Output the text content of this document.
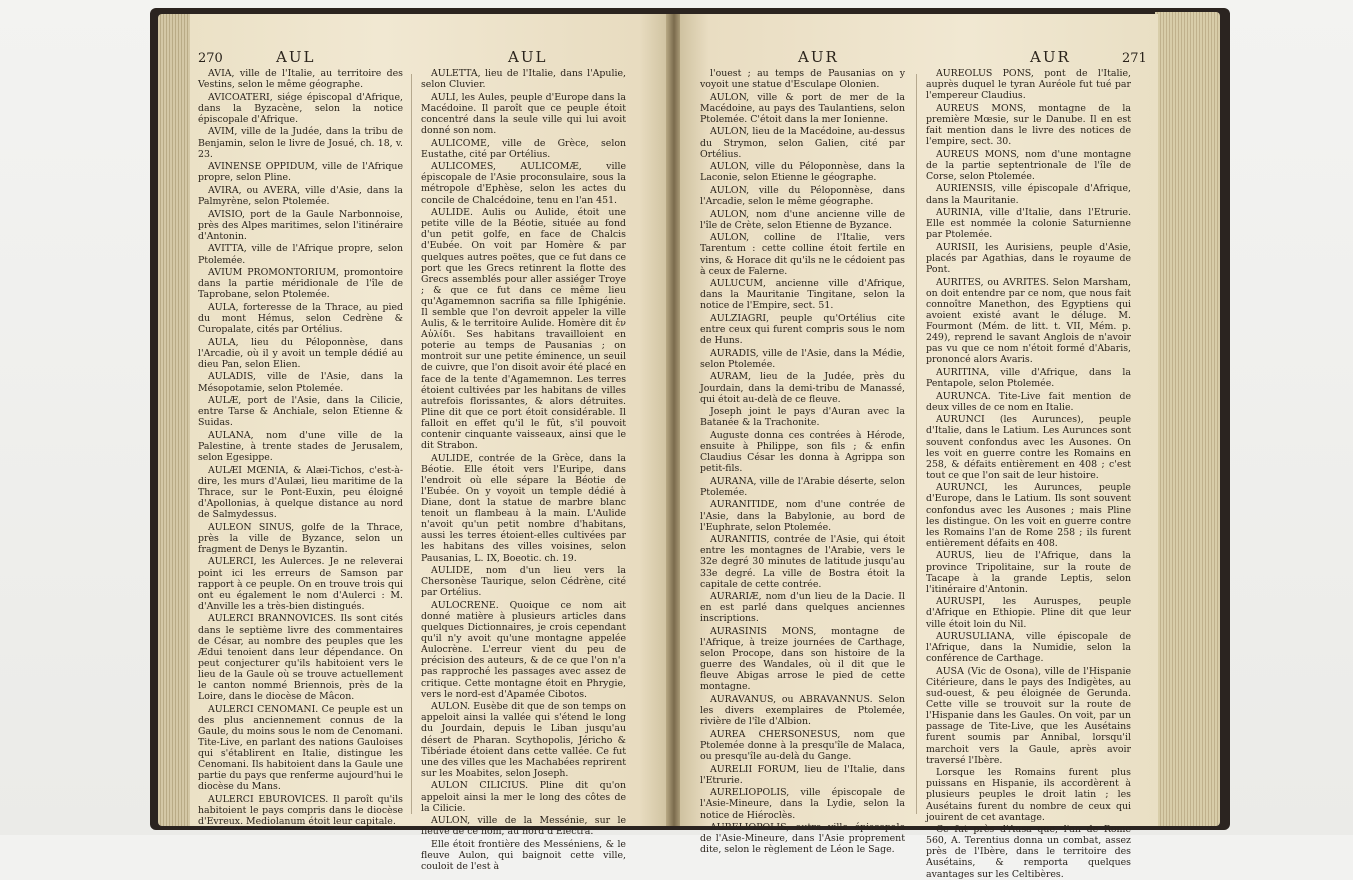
270	AUL	AUL

AVIA, ville de l'Italie, au territoire des Vestins, selon le même géographe.

AVICOATERI, siége épiscopal d'Afrique, dans la Byzacène, selon la notice épiscopale d'Afrique.

AVIM, ville de la Judée, dans la tribu de Benjamin, selon le livre de Josué, ch. 18, v. 23.

AVINENSE OPPIDUM, ville de l'Afrique propre, selon Pline.

AVIRA, ou AVERA, ville d'Asie, dans la Palmyrène, selon Ptolemée.

AVISIO, port de la Gaule Narbonnoise, près des Alpes maritimes, selon l'itinéraire d'Antonin.

AVITTA, ville de l'Afrique propre, selon Ptolemée.

AVIUM PROMONTORIUM, promontoire dans la partie méridionale de l'île de Taprobane, selon Ptolemée.

AULA, forteresse de la Thrace, au pied du mont Hémus, selon Cedrène & Curopalate, cités par Ortélius.

AULA, lieu du Péloponnèse, dans l'Arcadie, où il y avoit un temple dédié au dieu Pan, selon Elien.

AULADIS, ville de l'Asie, dans la Mésopotamie, selon Ptolemée.

AULÆ, port de l'Asie, dans la Cilicie, entre Tarse & Anchiale, selon Etienne & Suidas.

AULANA, nom d'une ville de la Palestine, à trente stades de Jerusalem, selon Egesippe.

AULÆI MŒNIA, & Alæi-Tichos, c'est-à-dire, les murs d'Aulæi, lieu maritime de la Thrace, sur le Pont-Euxin, peu éloigné d'Apollonias, à quelque distance au nord de Salmydessus.

AULEON SINUS, golfe de la Thrace, près la ville de Byzance, selon un fragment de Denys le Byzantin.

AULERCI, les Aulerces. Je ne releverai point ici les erreurs de Samson par rapport à ce peuple. On en trouve trois qui ont eu également le nom d'Aulerci : M. d'Anville les a très-bien distingués.

AULERCI BRANNOVICES. Ils sont cités dans le septième livre des commentaires de César, au nombre des peuples que les Ædui tenoient dans leur dépendance. On peut conjecturer qu'ils habitoient vers le lieu de la Gaule où se trouve actuellement le canton nommé Briennois, près de la Loire, dans le diocèse de Mâcon.

AULERCI CENOMANI. Ce peuple est un des plus anciennement connus de la Gaule, du moins sous le nom de Cenomani. Tite-Live, en parlant des nations Gauloises qui s'établirent en Italie, distingue les Cenomani. Ils habitoient dans la Gaule une partie du pays que renferme aujourd'hui le diocèse du Mans.

AULERCI EBUROVICES. Il paroît qu'ils habitoient le pays compris dans le diocèse d'Evreux. Mediolanum étoit leur capitale.

AULETTA, lieu de l'Italie, dans l'Apulie, selon Cluvier.

AULI, les Aules, peuple d'Europe dans la Macédoine. Il paroît que ce peuple étoit concentré dans la seule ville qui lui avoit donné son nom.

AULICOME, ville de Grèce, selon Eustathe, cité par Ortélius.

AULICOMES, AULICOMÆ, ville épiscopale de l'Asie proconsulaire, sous la métropole d'Ephèse, selon les actes du concile de Chalcédoine, tenu en l'an 451.

AULIDE. Aulis ou Aulide, étoit une petite ville de la Béotie, située au fond d'un petit golfe, en face de Chalcis d'Eubée. On voit par Homère & par quelques autres poëtes, que ce fut dans ce port que les Grecs retinrent la flotte des Grecs assemblés pour aller assiéger Troye ; & que ce fut dans ce même lieu qu'Agamemnon sacrifia sa fille Iphigénie. Il semble que l'on devroit appeler la ville Aulis, & le territoire Aulide. Homère dit ἐν Αὐλίδι. Ses habitans travailloient en poterie au temps de Pausanias ; on montroit sur une petite éminence, un seuil de cuivre, que l'on disoit avoir été placé en face de la tente d'Agamemnon. Les terres étoient cultivées par les habitans de villes autrefois florissantes, & alors détruites. Pline dit que ce port étoit considérable. Il falloit en effet qu'il le fût, s'il pouvoit contenir cinquante vaisseaux, ainsi que le dit Strabon.

AULIDE, contrée de la Grèce, dans la Béotie. Elle étoit vers l'Euripe, dans l'endroit où elle sépare la Béotie de l'Eubée. On y voyoit un temple dédié à Diane, dont la statue de marbre blanc tenoit un flambeau à la main. L'Aulide n'avoit qu'un petit nombre d'habitans, aussi les terres étoient-elles cultivées par les habitans des villes voisines, selon Pausanias, L. IX, Boeotic. ch. 19.

AULIDE, nom d'un lieu vers la Chersonèse Taurique, selon Cédrène, cité par Ortélius.

AULOCRENE. Quoique ce nom ait donné matière à plusieurs articles dans quelques Dictionnaires, je crois cependant qu'il n'y avoit qu'une montagne appelée Aulocrène. L'erreur vient du peu de précision des auteurs, & de ce que l'on n'a pas rapproché les passages avec assez de critique. Cette montagne étoit en Phrygie, vers le nord-est d'Apamée Cibotos.

AULON. Eusèbe dit que de son temps on appeloit ainsi la vallée qui s'étend le long du Jourdain, depuis le Liban jusqu'au désert de Pharan. Scythopolis, Jéricho & Tibériade étoient dans cette vallée. Ce fut une des villes que les Machabées reprirent sur les Moabites, selon Joseph.

AULON CILICIUS. Pline dit qu'on appeloit ainsi la mer le long des côtes de la Cilicie.

AULON, ville de la Messénie, sur le fleuve de ce nom, au nord d'Electra.

Elle étoit frontière des Messéniens, & le fleuve Aulon, qui baignoit cette ville, couloit de l'est à

AUR	AUR	271

l'ouest ; au temps de Pausanias on y voyoit une statue d'Esculape Olonien.

AULON, ville & port de mer de la Macédoine, au pays des Taulantiens, selon Ptolemée. C'étoit dans la mer Ionienne.

AULON, lieu de la Macédoine, au-dessus du Strymon, selon Galien, cité par Ortélius.

AULON, ville du Péloponnèse, dans la Laconie, selon Etienne le géographe.

AULON, ville du Péloponnèse, dans l'Arcadie, selon le même géographe.

AULON, nom d'une ancienne ville de l'île de Crète, selon Etienne de Byzance.

AULON, colline de l'Italie, vers Tarentum : cette colline étoit fertile en vins, & Horace dit qu'ils ne le cédoient pas à ceux de Falerne.

AULUCUM, ancienne ville d'Afrique, dans la Mauritanie Tingitane, selon la notice de l'Empire, sect. 51.

AULZIAGRI, peuple qu'Ortélius cite entre ceux qui furent compris sous le nom de Huns.

AURADIS, ville de l'Asie, dans la Médie, selon Ptolemée.

AURAM, lieu de la Judée, près du Jourdain, dans la demi-tribu de Manassé, qui étoit au-delà de ce fleuve.

Joseph joint le pays d'Auran avec la Batanée & la Trachonite.

Auguste donna ces contrées à Hérode, ensuite à Philippe, son fils ; & enfin Claudius César les donna à Agrippa son petit-fils.

AURANA, ville de l'Arabie déserte, selon Ptolemée.

AURANITIDE, nom d'une contrée de l'Asie, dans la Babylonie, au bord de l'Euphrate, selon Ptolemée.

AURANITIS, contrée de l'Asie, qui étoit entre les montagnes de l'Arabie, vers le 32e degré 30 minutes de latitude jusqu'au 33e degré. La ville de Bostra étoit la capitale de cette contrée.

AURARIÆ, nom d'un lieu de la Dacie. Il en est parlé dans quelques anciennes inscriptions.

AURASINIS MONS, montagne de l'Afrique, à treize journées de Carthage, selon Procope, dans son histoire de la guerre des Wandales, où il dit que le fleuve Abigas arrose le pied de cette montagne.

AURAVANUS, ou ABRAVANNUS. Selon les divers exemplaires de Ptolemée, rivière de l'île d'Albion.

AUREA CHERSONESUS, nom que Ptolemée donne à la presqu'île de Malaca, ou presqu'île au-delà du Gange.

AURELII FORUM, lieu de l'Italie, dans l'Etrurie.

AURELIOPOLIS, ville épiscopale de l'Asie-Mineure, dans la Lydie, selon la notice de Hiéroclès.

AURELIOPOLIS, autre ville épiscopale de l'Asie-Mineure, dans l'Asie proprement dite, selon le règlement de Léon le Sage.

AUREOLUS PONS, pont de l'Italie, auprès duquel le tyran Auréole fut tué par l'empereur Claudius.

AUREUS MONS, montagne de la première Mœsie, sur le Danube. Il en est fait mention dans le livre des notices de l'empire, sect. 30.

AUREUS MONS, nom d'une montagne de la partie septentrionale de l'île de Corse, selon Ptolemée.

AURIENSIS, ville épiscopale d'Afrique, dans la Mauritanie.

AURINIA, ville d'Italie, dans l'Etrurie. Elle est nommée la colonie Saturnienne par Ptolemée.

AURISII, les Aurisiens, peuple d'Asie, placés par Agathias, dans le royaume de Pont.

AURITES, ou AVRITES. Selon Marsham, on doit entendre par ce nom, que nous fait connoître Manethon, des Egyptiens qui avoient existé avant le déluge. M. Fourmont (Mém. de litt. t. VII, Mém. p. 249), reprend le savant Anglois de n'avoir pas vu que ce nom n'étoit formé d'Abaris, prononcé alors Avaris.

AURITINA, ville d'Afrique, dans la Pentapole, selon Ptolemée.

AURUNCA. Tite-Live fait mention de deux villes de ce nom en Italie.

AURUNCI (les Aurunces), peuple d'Italie, dans le Latium. Les Aurunces sont souvent confondus avec les Ausones. On les voit en guerre contre les Romains en 258, & défaits entièrement en 408 ; c'est tout ce que l'on sait de leur histoire.

AURUNCI, les Aurunces, peuple d'Europe, dans le Latium. Ils sont souvent confondus avec les Ausones ; mais Pline les distingue. On les voit en guerre contre les Romains l'an de Rome 258 ; ils furent entièrement défaits en 408.

AURUS, lieu de l'Afrique, dans la province Tripolitaine, sur la route de Tacape à la grande Leptis, selon l'itinéraire d'Antonin.

AURUSPI, les Auruspes, peuple d'Afrique en Ethiopie. Pline dit que leur ville étoit loin du Nil.

AURUSULIANA, ville épiscopale de l'Afrique, dans la Numidie, selon la conférence de Carthage.

AUSA (Vic de Osona), ville de l'Hispanie Citérieure, dans le pays des Indigètes, au sud-ouest, & peu éloignée de Gerunda. Cette ville se trouvoit sur la route de l'Hispanie dans les Gaules. On voit, par un passage de Tite-Live, que les Ausétains furent soumis par Annibal, lorsqu'il marchoit vers la Gaule, après avoir traversé l'Ibère.

Lorsque les Romains furent plus puissans en Hispanie, ils accordèrent à plusieurs peuples le droit latin ; les Ausétains furent du nombre de ceux qui jouirent de cet avantage.

Ce fut près d'Ausa que, l'an de Rome 560, A. Terentius donna un combat, assez près de l'Ibère, dans le territoire des Ausétains, & remporta quelques avantages sur les Celtibères.
